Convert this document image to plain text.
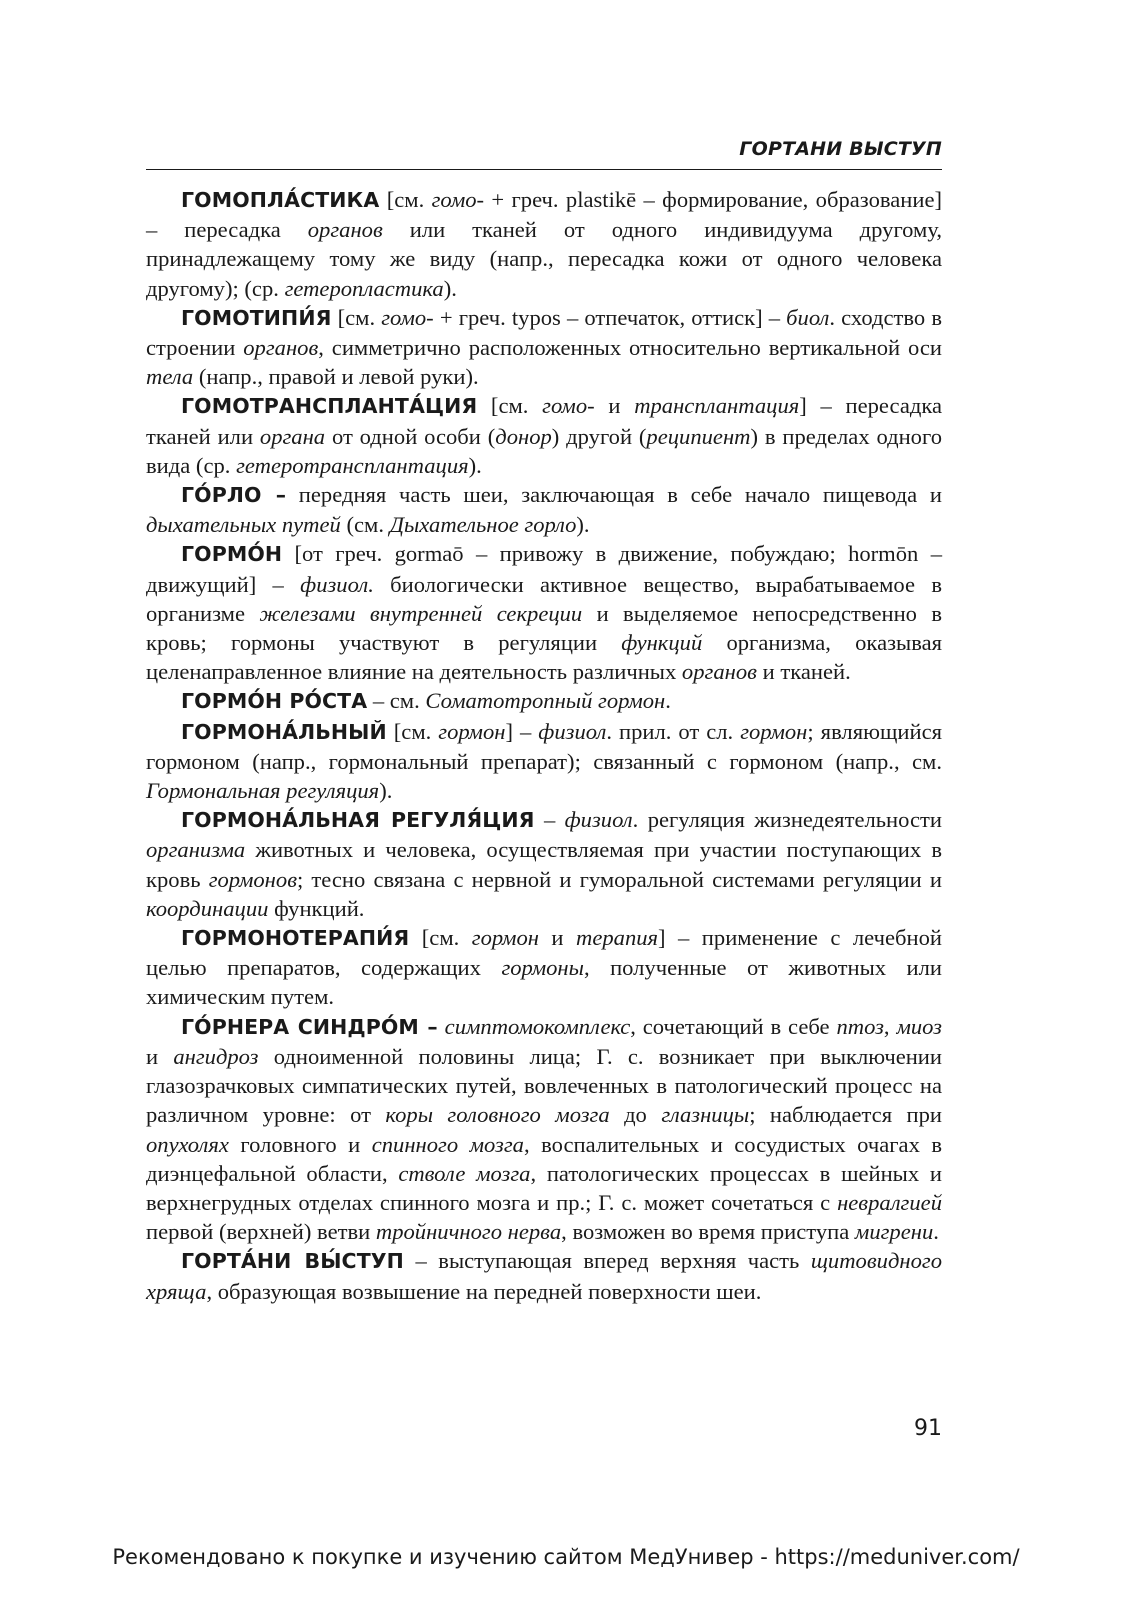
ГОРТАНИ ВЫСТУП

ГОМОПЛА́СТИКА [см. гомо- + греч. plastikē – формирование, образование] – пересадка органов или тканей от одного индивидуума другому, принадлежащему тому же виду (напр., пересадка кожи от одного человека другому); (ср. гетеропластика).

ГОМОТИПИ́Я [см. гомо- + греч. typos – отпечаток, оттиск] – биол. сходство в строении органов, симметрично расположенных относительно вертикальной оси тела (напр., правой и левой руки).

ГОМОТРАНСПЛАНТА́ЦИЯ [см. гомо- и трансплантация] – пересадка тканей или органа от одной особи (донор) другой (реципиент) в пределах одного вида (ср. гетеротрансплантация).

ГО́РЛО – передняя часть шеи, заключающая в себе начало пищевода и дыхательных путей (см. Дыхательное горло).

ГОРМО́Н [от греч. gormaō – привожу в движение, побуждаю; hormōn – движущий] – физиол. биологически активное вещество, вырабатываемое в организме железами внутренней секреции и выделяемое непосредственно в кровь; гормоны участвуют в регуляции функций организма, оказывая целенаправленное влияние на деятельность различных органов и тканей.

ГОРМО́Н РО́СТА – см. Соматотропный гормон.

ГОРМОНА́ЛЬНЫЙ [см. гормон] – физиол. прил. от сл. гормон; являющийся гормоном (напр., гормональный препарат); связанный с гормоном (напр., см. Гормональная регуляция).

ГОРМОНА́ЛЬНАЯ РЕГУЛЯ́ЦИЯ – физиол. регуляция жизнедеятельности организма животных и человека, осуществляемая при участии поступающих в кровь гормонов; тесно связана с нервной и гуморальной системами регуляции и координации функций.

ГОРМОНОТЕРАПИ́Я [см. гормон и терапия] – применение с лечебной целью препаратов, содержащих гормоны, полученные от животных или химическим путем.

ГО́РНЕРА СИНДРО́М – симптомокомплекс, сочетающий в себе птоз, миоз и ангидроз одноименной половины лица; Г. с. возникает при выключении глазозрачковых симпатических путей, вовлеченных в патологический процесс на различном уровне: от коры головного мозга до глазницы; наблюдается при опухолях головного и спинного мозга, воспалительных и сосудистых очагах в диэнцефальной области, стволе мозга, патологических процессах в шейных и верхнегрудных отделах спинного мозга и пр.; Г. с. может сочетаться с невралгией первой (верхней) ветви тройничного нерва, возможен во время приступа мигрени.

ГОРТА́НИ ВЫ́СТУП – выступающая вперед верхняя часть щитовидного хряща, образующая возвышение на передней поверхности шеи.

91
Рекомендовано к покупке и изучению сайтом МедУнивер - https://meduniver.com/
